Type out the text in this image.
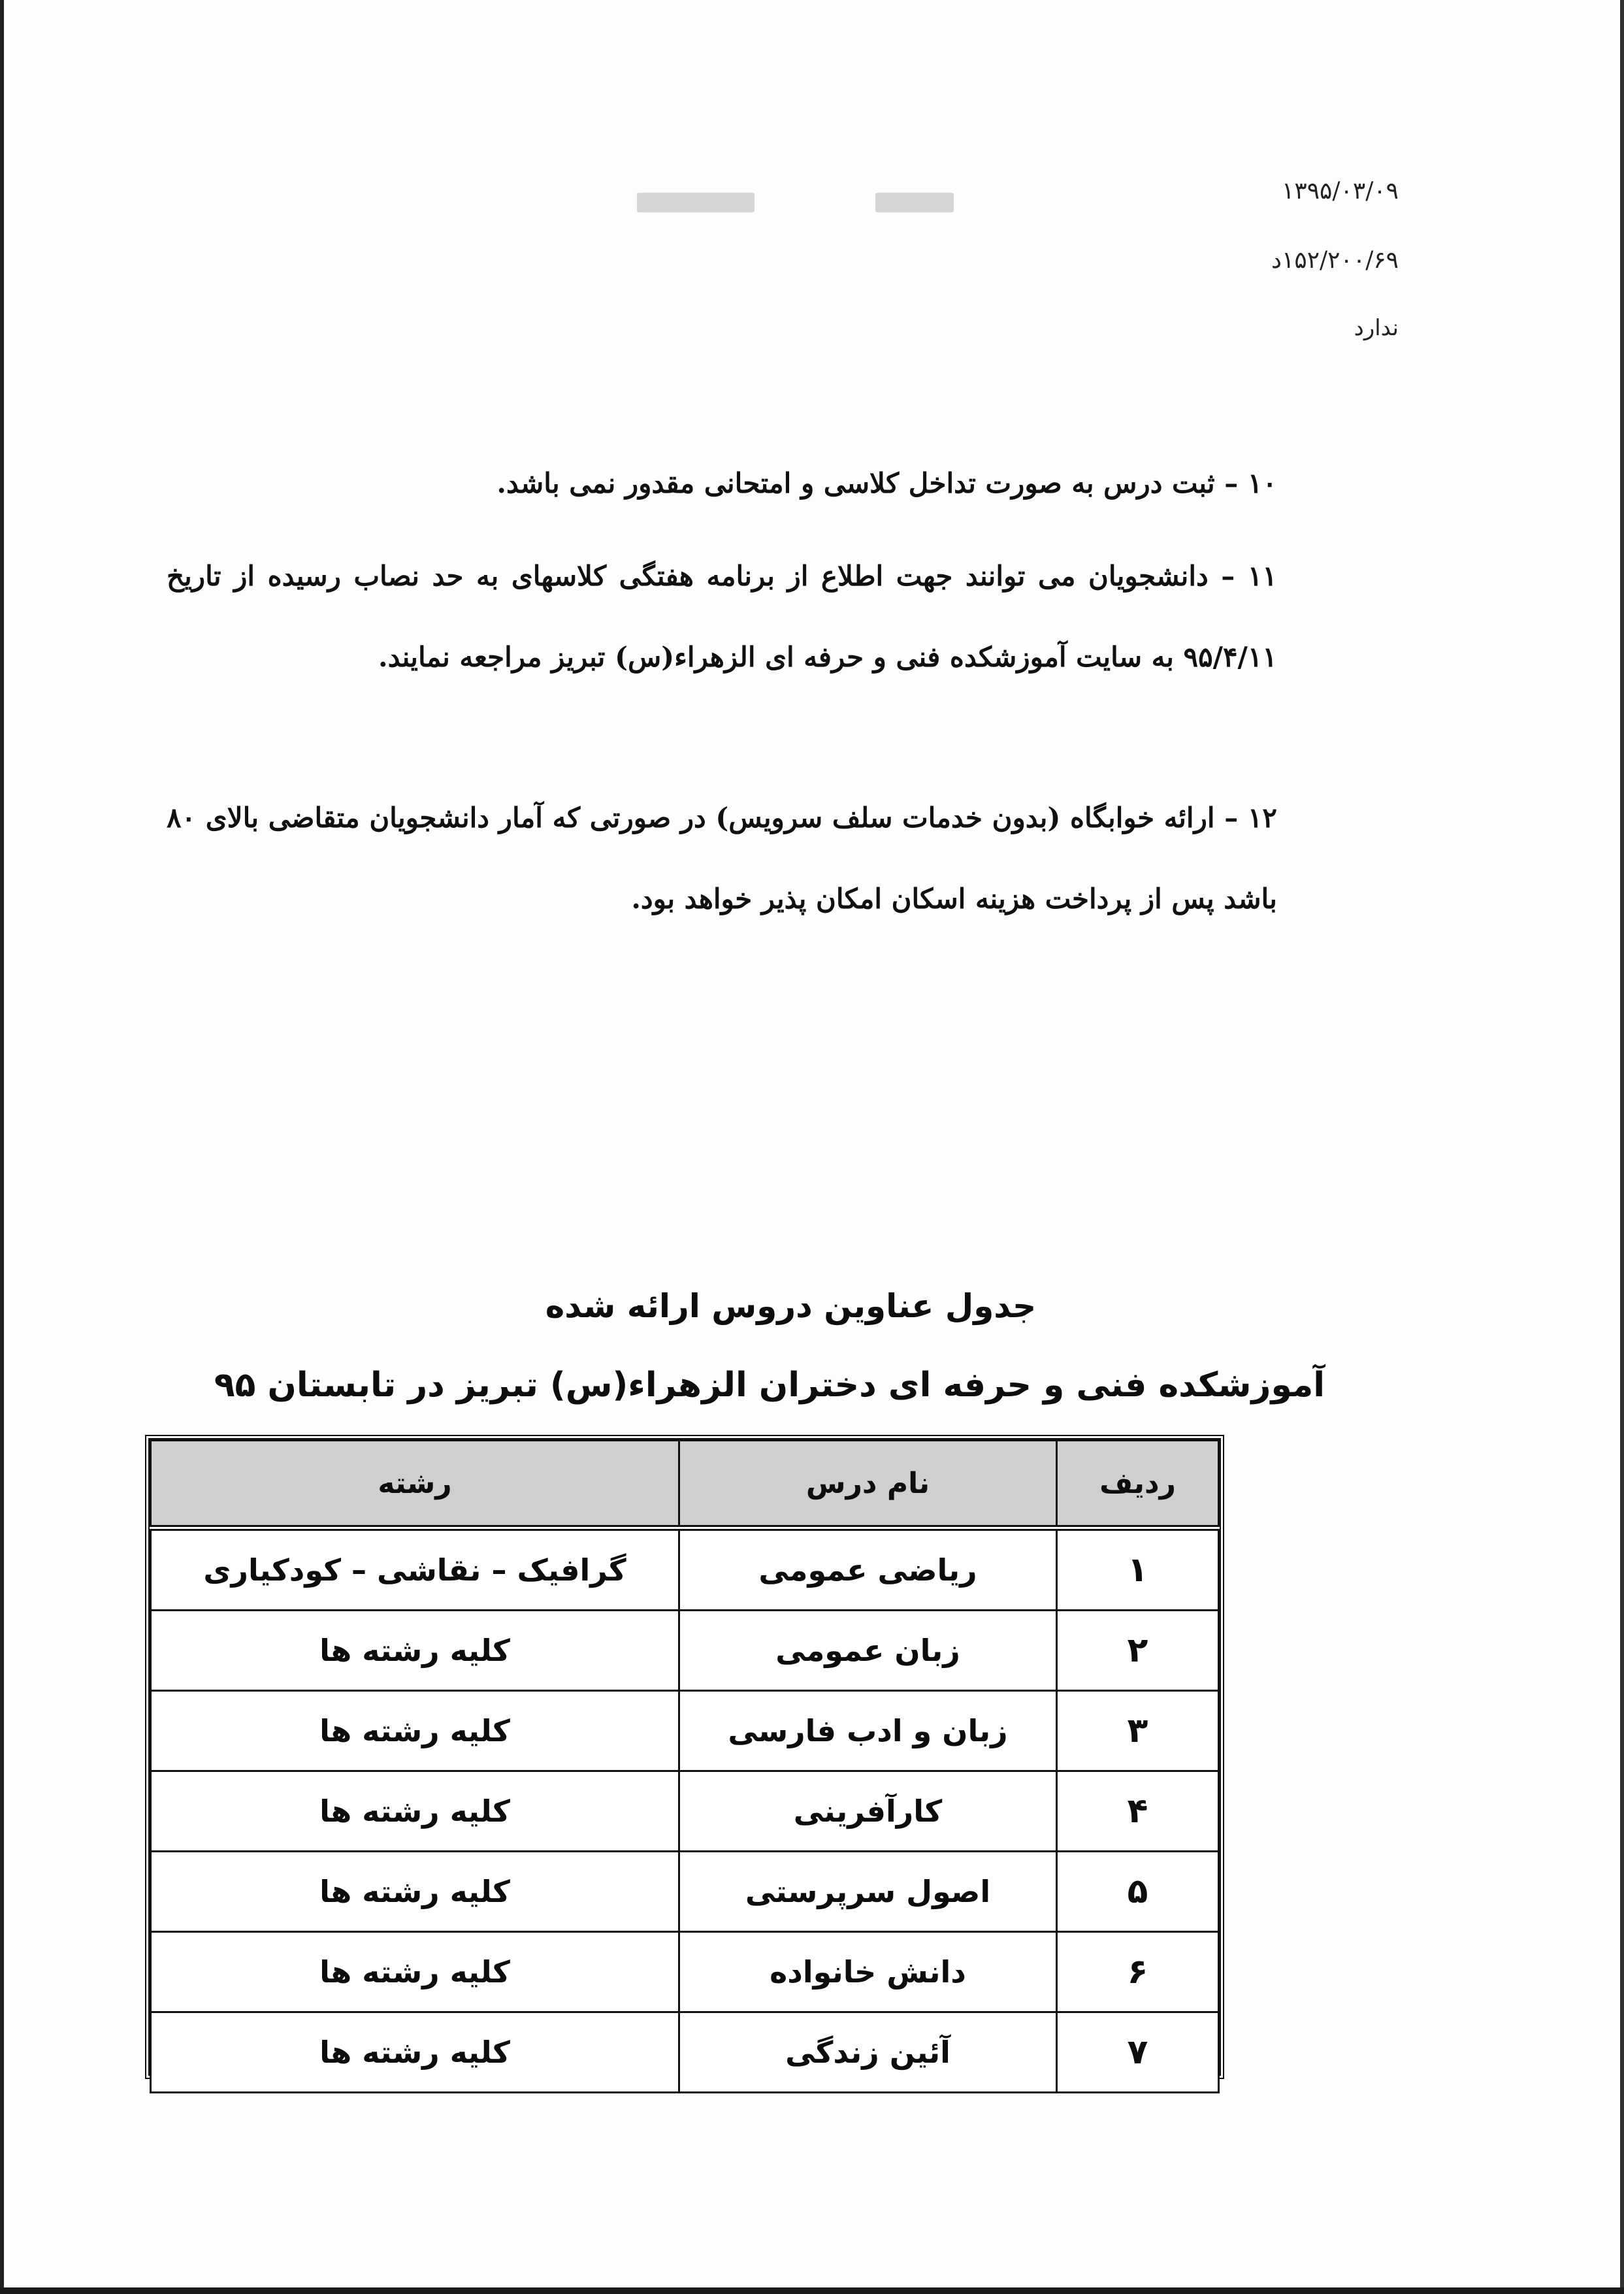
۱۳۹۵/۰۳/۰۹
۱۵۲/۲۰۰/۶۹د
ندارد
۱۰ – ثبت درس به صورت تداخل کلاسی و امتحانی مقدور نمی باشد.
۱۱ – دانشجویان می توانند جهت اطلاع از برنامه هفتگی کلاسهای به حد نصاب رسیده از تاریخ ۹۵/۴/۱۱ به سایت آموزشکده فنی و حرفه ای الزهراء(س) تبریز مراجعه نمایند.
۱۲ – ارائه خوابگاه (بدون خدمات سلف سرویس) در صورتی که آمار دانشجویان متقاضی بالای ۸۰ باشد پس از پرداخت هزینه اسکان امکان پذیر خواهد بود.
جدول عناوین دروس ارائه شده
آموزشکده فنی و حرفه ای دختران الزهراء(س) تبریز در تابستان ۹۵
ردیف	نام درس	رشته
۱	ریاضی عمومی	گرافیک – نقاشی – کودکیاری
۲	زبان عمومی	کلیه رشته ها
۳	زبان و ادب فارسی	کلیه رشته ها
۴	کارآفرینی	کلیه رشته ها
۵	اصول سرپرستی	کلیه رشته ها
۶	دانش خانواده	کلیه رشته ها
۷	آئین زندگی	کلیه رشته ها
